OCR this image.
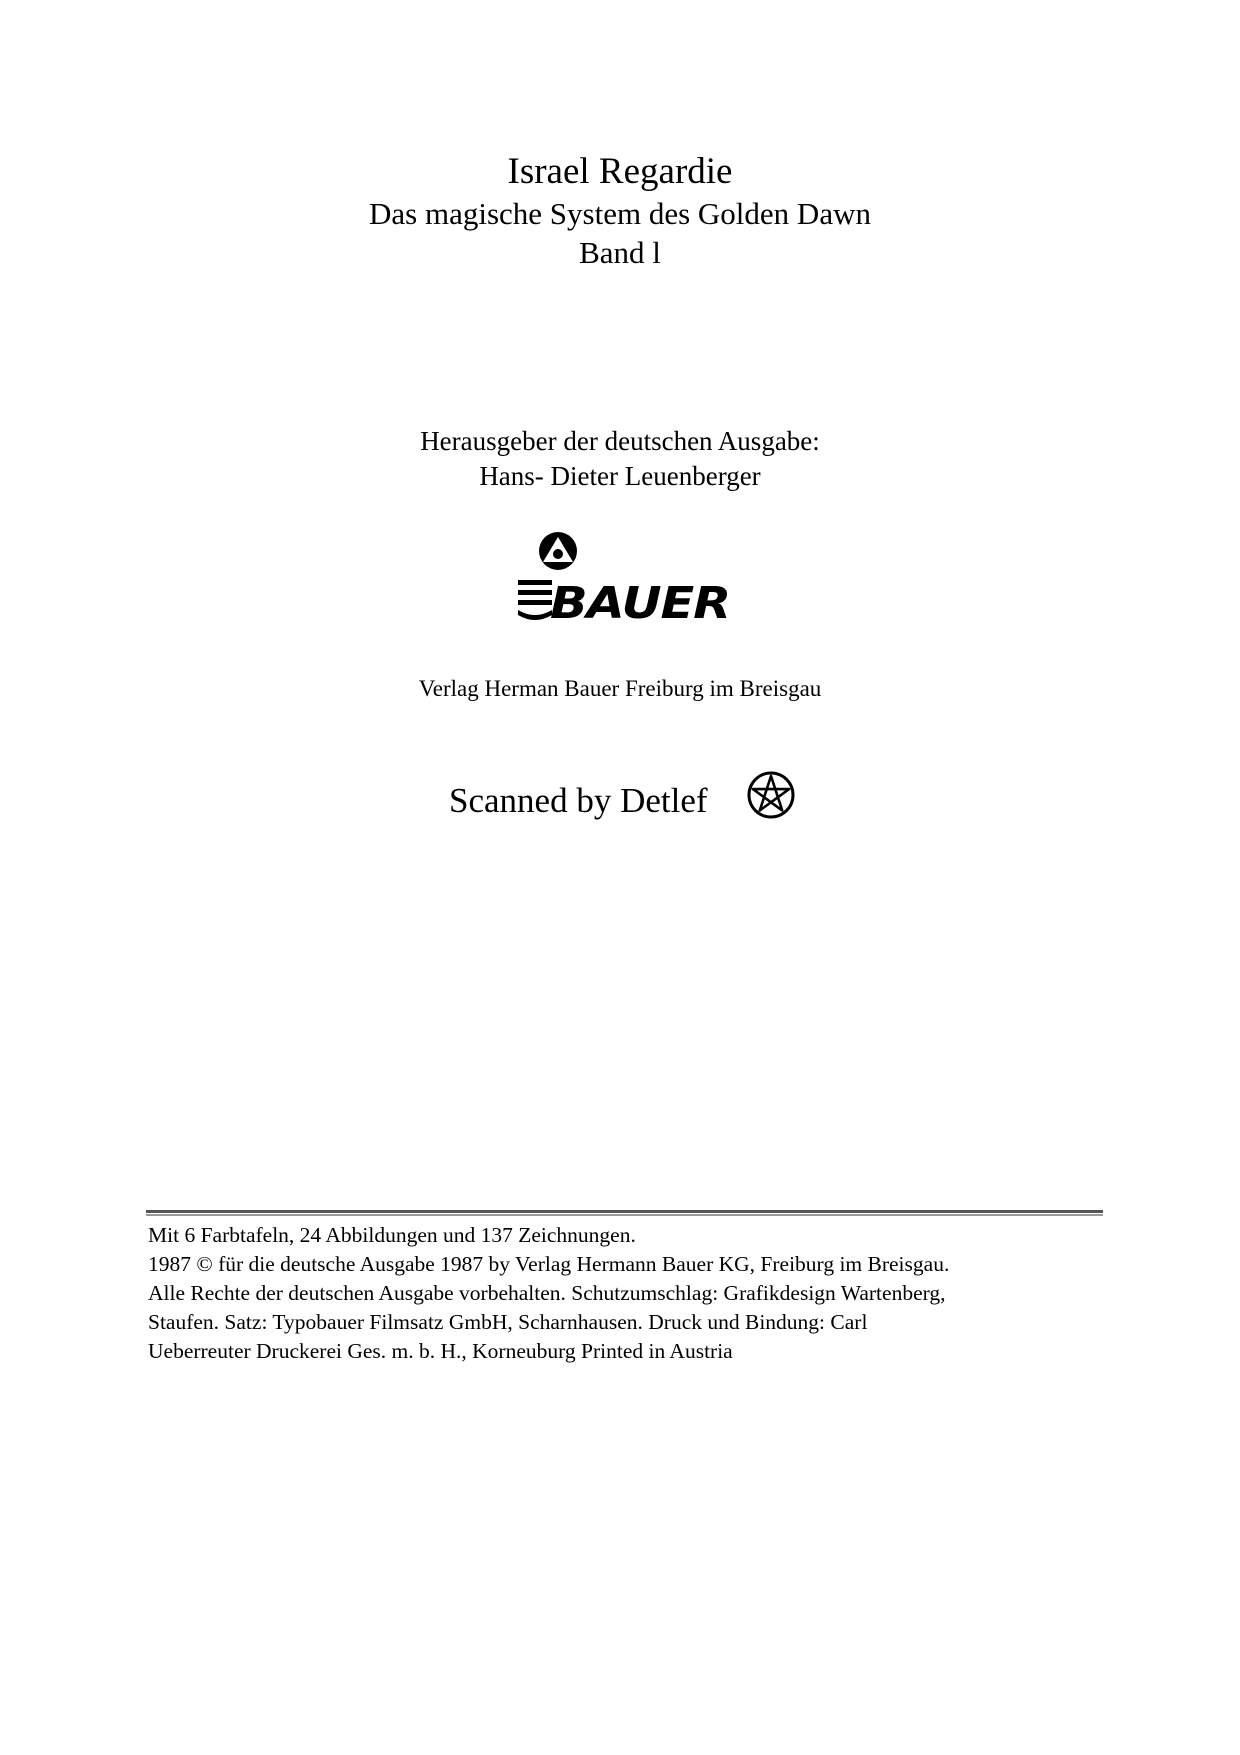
Israel Regardie
Das magische System des Golden Dawn
Band l
Herausgeber der deutschen Ausgabe:
Hans- Dieter Leuenberger
BAUER
Verlag Herman Bauer Freiburg im Breisgau
Scanned by Detlef
Mit 6 Farbtafeln, 24 Abbildungen und 137 Zeichnungen.
1987 © für die deutsche Ausgabe 1987 by Verlag Hermann Bauer KG, Freiburg im Breisgau.
Alle Rechte der deutschen Ausgabe vorbehalten. Schutzumschlag: Grafikdesign Wartenberg,
Staufen. Satz: Typobauer Filmsatz GmbH, Scharnhausen. Druck und Bindung: Carl
Ueberreuter Druckerei Ges. m. b. H., Korneuburg Printed in Austria
